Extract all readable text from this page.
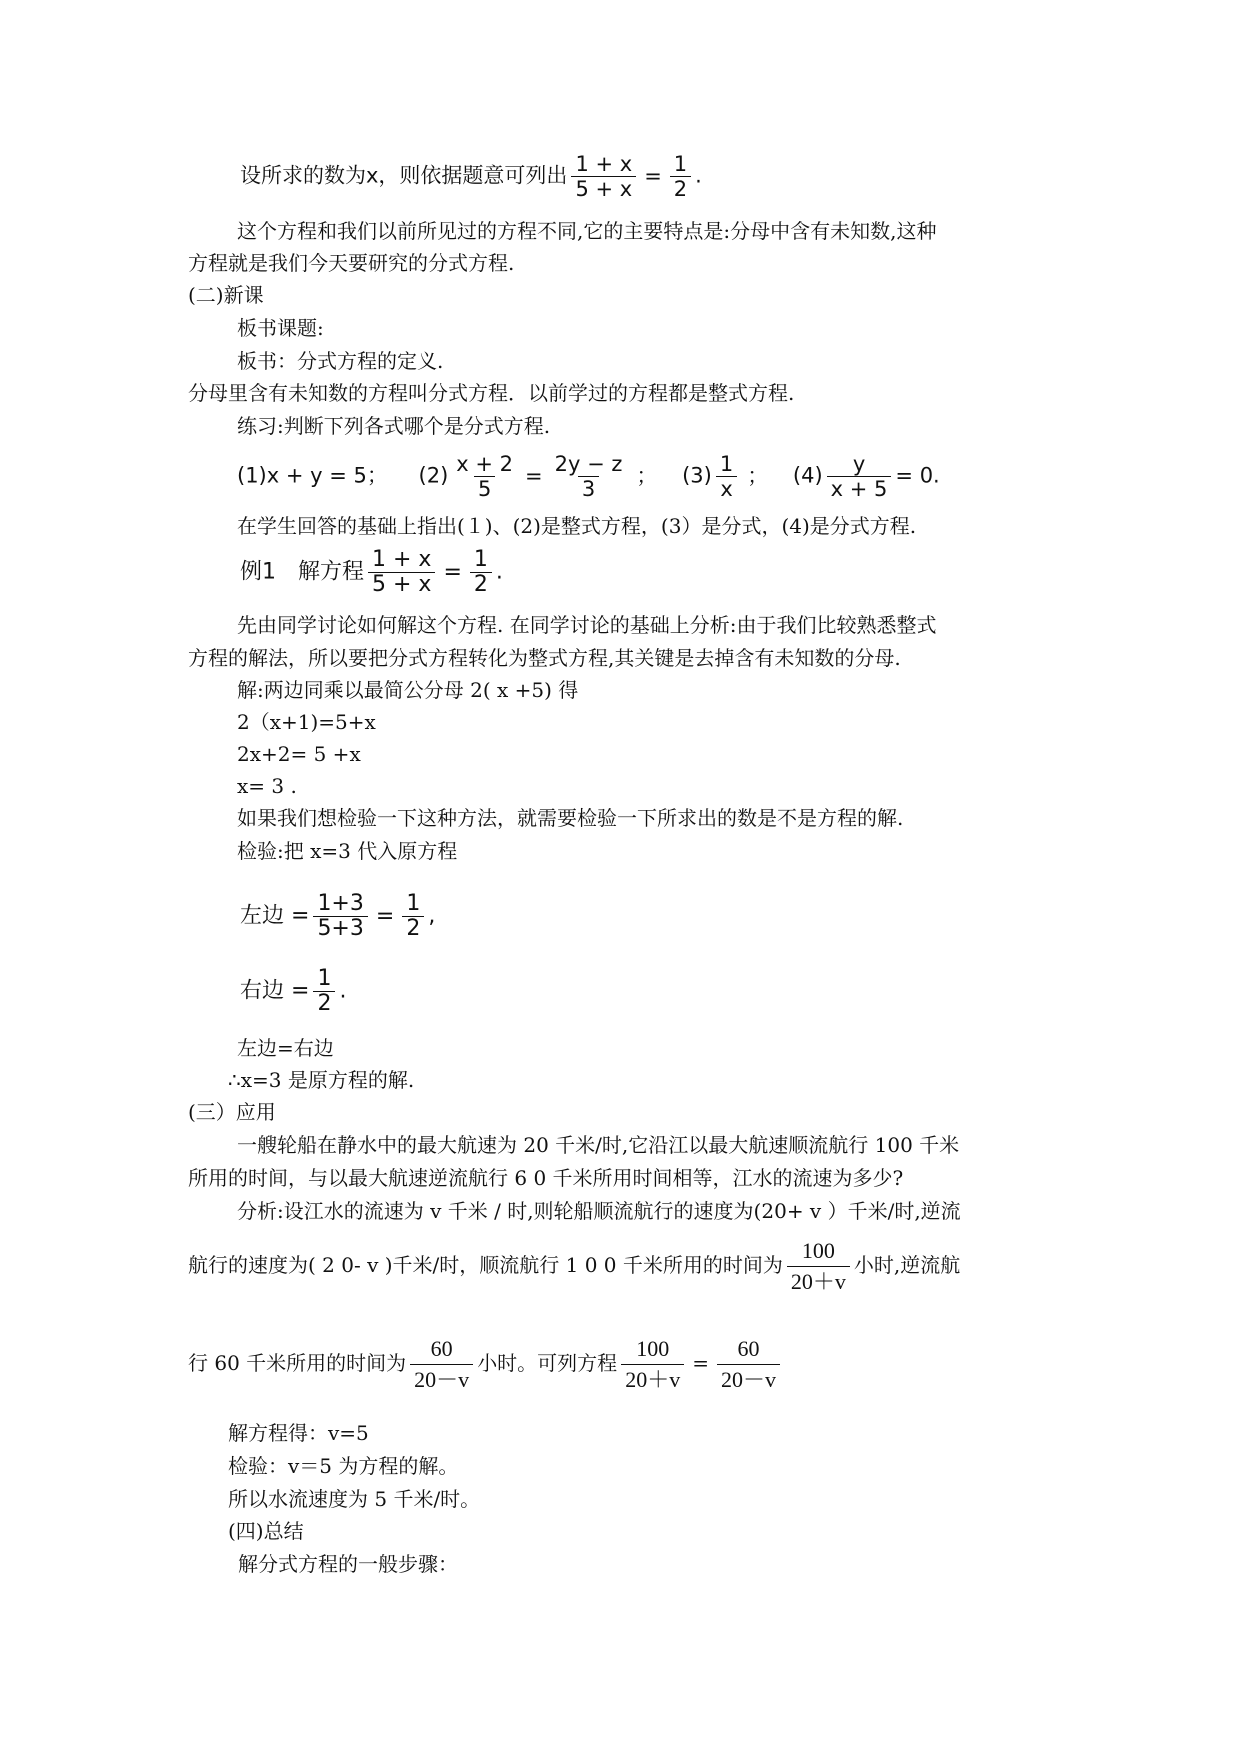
设所求的数为x，则依据题意可列出 $\frac{1 + x}{5 + x} = \frac{1}{2}$ .
这个方程和我们以前所见过的方程不同,它的主要特点是:分母中含有未知数,这种
方程就是我们今天要研究的分式方程.
(二)新课
板书课题:
板书：分式方程的定义.
分母里含有未知数的方程叫分式方程．以前学过的方程都是整式方程.
练习:判断下列各式哪个是分式方程.
(1)x + y = 5； $(2) \frac{x + 2}{5} = \frac{2y - z}{3}$ ； $(3) \frac{1}{x}$ ； $(4) \frac{y}{x + 5} = 0$.
在学生回答的基础上指出(１)、(2)是整式方程，(3）是分式，(4)是分式方程.
例1　解方程 $\frac{1 + x}{5 + x} = \frac{1}{2}$ .
先由同学讨论如何解这个方程. 在同学讨论的基础上分析:由于我们比较熟悉整式
方程的解法，所以要把分式方程转化为整式方程,其关键是去掉含有未知数的分母.
解:两边同乘以最简公分母 2( x +5) 得
2（x+1)=5+x
2x+2= 5 +x
x= 3 .
如果我们想检验一下这种方法，就需要检验一下所求出的数是不是方程的解.
检验:把 x=3 代入原方程
左边 = $\frac{1+3}{5+3} = \frac{1}{2}$ ,
右边 = $\frac{1}{2}$ .
左边=右边
∴x=3 是原方程的解.
(三）应用
一艘轮船在静水中的最大航速为 20 千米/时,它沿江以最大航速顺流航行 100 千米
所用的时间，与以最大航速逆流航行 6 0 千米所用时间相等，江水的流速为多少?
分析:设江水的流速为 v 千米 / 时,则轮船顺流航行的速度为(20+ v ）千米/时,逆流
航行的速度为( 2 0- v )千米/时，顺流航行 1 0 0 千米所用的时间为 $\frac{100}{20+v}$ 小时,逆流航
行 60 千米所用的时间为 $\frac{60}{20-v}$ 小时。可列方程 $\frac{100}{20+v} = \frac{60}{20-v}$
解方程得：v=5
检验：v＝5 为方程的解。
所以水流速度为 5 千米/时。
(四)总结
解分式方程的一般步骤：
